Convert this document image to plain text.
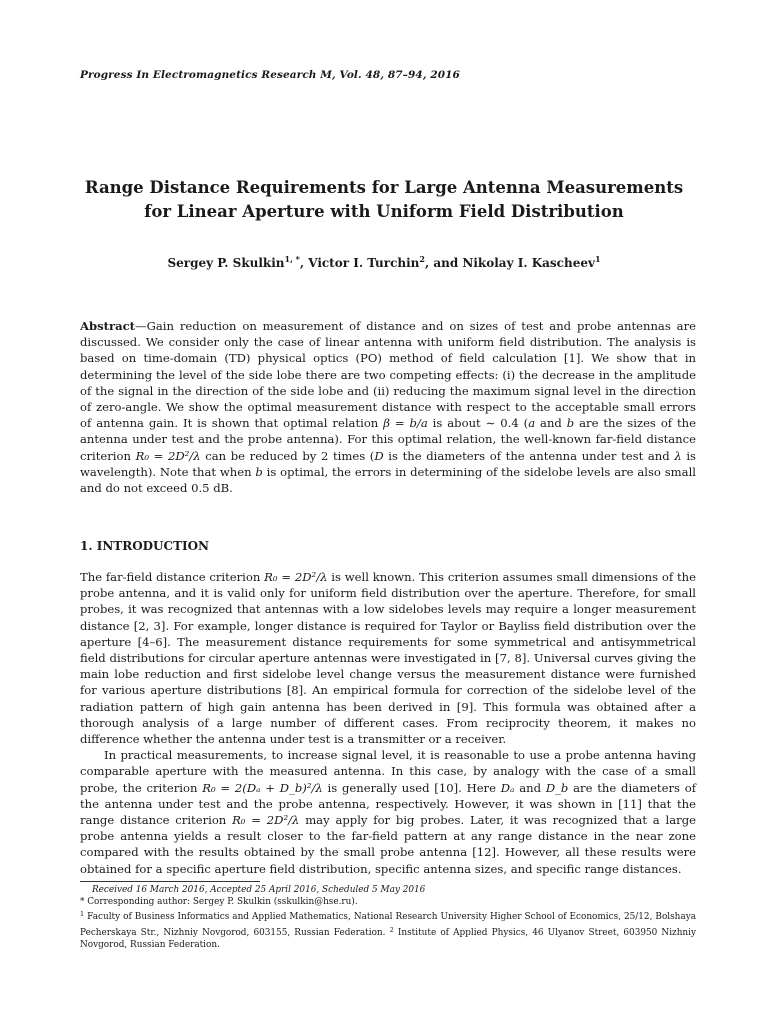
Progress In Electromagnetics Research M, Vol. 48, 87–94, 2016
Range Distance Requirements for Large Antenna Measurements
for Linear Aperture with Uniform Field Distribution
Sergey P. Skulkin$^{1, *}$, Victor I. Turchin$^2$, and Nikolay I. Kascheev$^1$
Abstract—Gain reduction on measurement of distance and on sizes of test and probe antennas are discussed. We consider only the case of linear antenna with uniform field distribution. The analysis is based on time-domain (TD) physical optics (PO) method of field calculation [1]. We show that in determining the level of the side lobe there are two competing effects: (i) the decrease in the amplitude of the signal in the direction of the side lobe and (ii) reducing the maximum signal level in the direction of zero-angle. We show the optimal measurement distance with respect to the acceptable small errors of antenna gain. It is shown that optimal relation β = b/a is about ∼ 0.4 (a and b are the sizes of the antenna under test and the probe antenna). For this optimal relation, the well-known far-field distance criterion R₀ = 2D²/λ can be reduced by 2 times (D is the diameters of the antenna under test and λ is wavelength). Note that when b is optimal, the errors in determining of the sidelobe levels are also small and do not exceed 0.5 dB.
1. INTRODUCTION

The far-field distance criterion R₀ = 2D²/λ is well known. This criterion assumes small dimensions of the probe antenna, and it is valid only for uniform field distribution over the aperture. Therefore, for small probes, it was recognized that antennas with a low sidelobes levels may require a longer measurement distance [2, 3]. For example, longer distance is required for Taylor or Bayliss field distribution over the aperture [4–6]. The measurement distance requirements for some symmetrical and antisymmetrical field distributions for circular aperture antennas were investigated in [7, 8]. Universal curves giving the main lobe reduction and first sidelobe level change versus the measurement distance were furnished for various aperture distributions [8]. An empirical formula for correction of the sidelobe level of the radiation pattern of high gain antenna has been derived in [9]. This formula was obtained after a thorough analysis of a large number of different cases. From reciprocity theorem, it makes no difference whether the antenna under test is a transmitter or a receiver.

In practical measurements, to increase signal level, it is reasonable to use a probe antenna having comparable aperture with the measured antenna. In this case, by analogy with the case of a small probe, the criterion R₀ = 2(Dₐ + D_b)²/λ is generally used [10]. Here Dₐ and D_b are the diameters of the antenna under test and the probe antenna, respectively. However, it was shown in [11] that the range distance criterion R₀ = 2D²/λ may apply for big probes. Later, it was recognized that a large probe antenna yields a result closer to the far-field pattern at any range distance in the near zone compared with the results obtained by the small probe antenna [12]. However, all these results were obtained for a specific aperture field distribution, specific antenna sizes, and specific range distances.

Received 16 March 2016, Accepted 25 April 2016, Scheduled 5 May 2016
* Corresponding author: Sergey P. Skulkin (sskulkin@hse.ru).
$^1$ Faculty of Business Informatics and Applied Mathematics, National Research University Higher School of Economics, 25/12, Bolshaya Pecherskaya Str., Nizhniy Novgorod, 603155, Russian Federation. $^2$ Institute of Applied Physics, 46 Ulyanov Street, 603950 Nizhniy Novgorod, Russian Federation.
